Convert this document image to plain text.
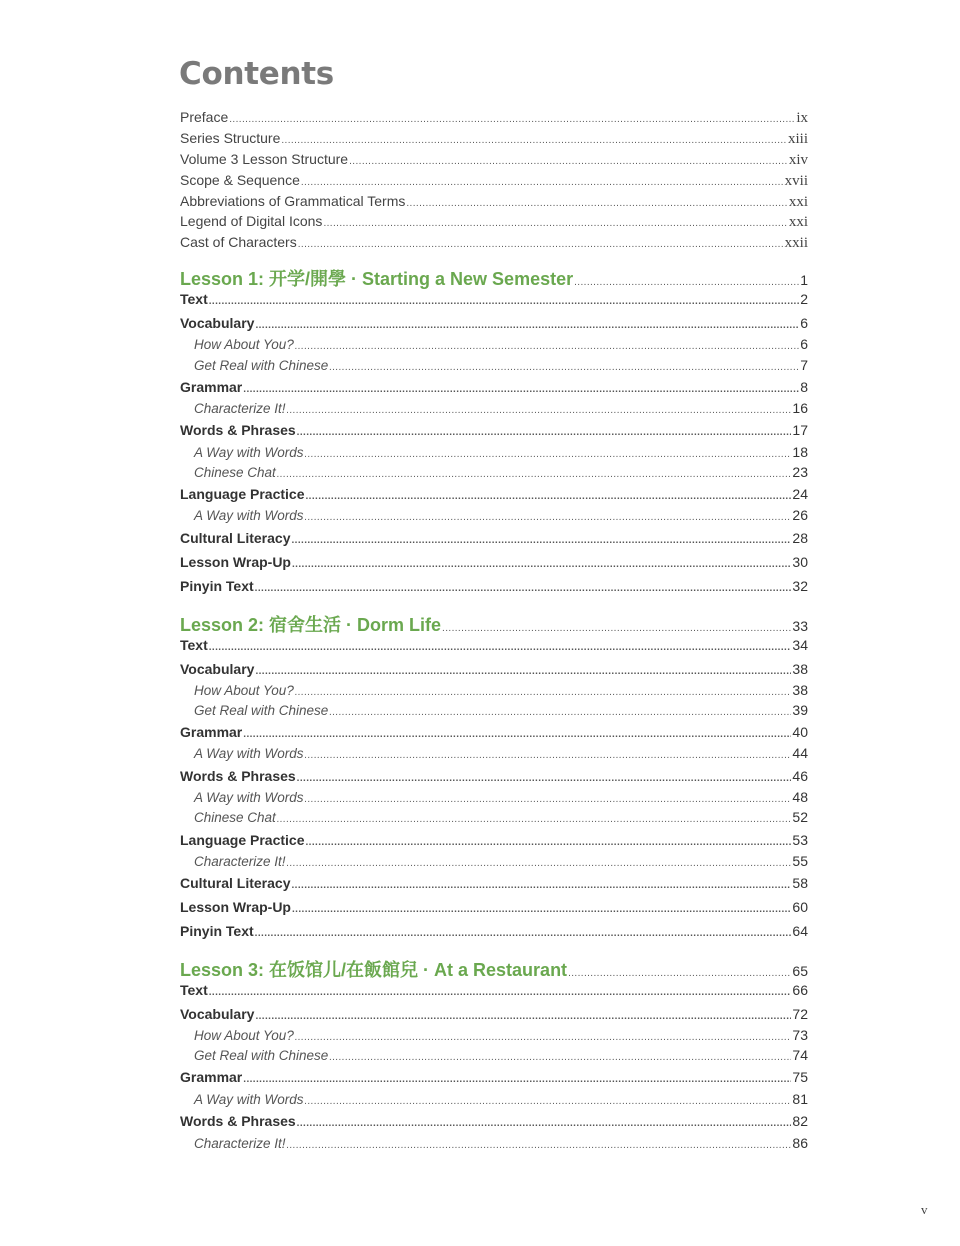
Contents
Preface .....	ix
Series Structure .....	xiii
Volume 3 Lesson Structure .....	xiv
Scope & Sequence .....	xvii
Abbreviations of Grammatical Terms .....	xxi
Legend of Digital Icons .....	xxi
Cast of Characters .....	xxii
Lesson 1: 开学/開學 · Starting a New Semester .....	1
Text .....	2
Vocabulary .....	6
How About You? .....	6
Get Real with Chinese .....	7
Grammar .....	8
Characterize It! .....	16
Words & Phrases .....	17
A Way with Words .....	18
Chinese Chat .....	23
Language Practice .....	24
A Way with Words .....	26
Cultural Literacy .....	28
Lesson Wrap-Up .....	30
Pinyin Text .....	32
Lesson 2: 宿舍生活 · Dorm Life .....	33
Text .....	34
Vocabulary .....	38
How About You? .....	38
Get Real with Chinese .....	39
Grammar .....	40
A Way with Words .....	44
Words & Phrases .....	46
A Way with Words .....	48
Chinese Chat .....	52
Language Practice .....	53
Characterize It! .....	55
Cultural Literacy .....	58
Lesson Wrap-Up .....	60
Pinyin Text .....	64
Lesson 3: 在饭馆儿/在飯館兒 · At a Restaurant .....	65
Text .....	66
Vocabulary .....	72
How About You? .....	73
Get Real with Chinese .....	74
Grammar .....	75
A Way with Words .....	81
Words & Phrases .....	82
Characterize It! .....	86
v
